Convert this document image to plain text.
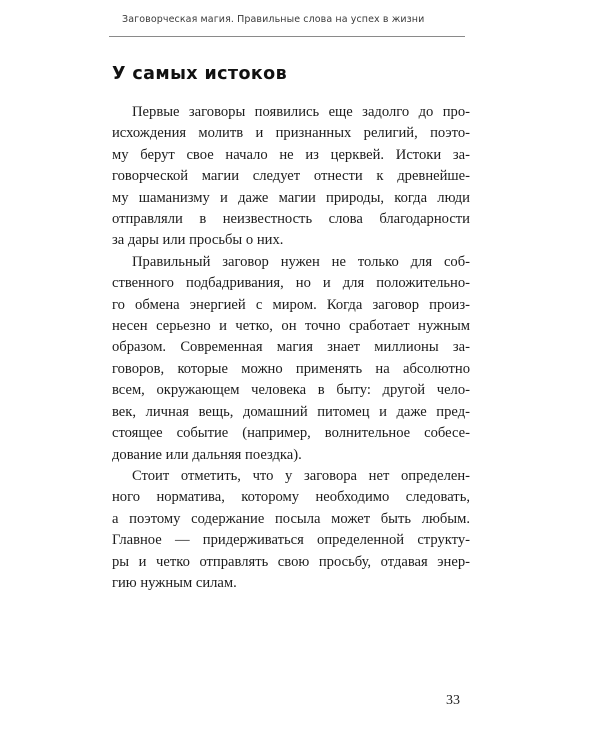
Заговорческая магия. Правильные слова на успех в жизни
У самых истоков

Первые заговоры появились еще задолго до про-
исхождения молитв и признанных религий, поэто-
му берут свое начало не из церквей. Истоки за-
говорческой магии следует отнести к древнейше-
му шаманизму и даже магии природы, когда люди
отправляли в неизвестность слова благодарности
за дары или просьбы о них.

Правильный заговор нужен не только для соб-
ственного подбадривания, но и для положительно-
го обмена энергией с миром. Когда заговор произ-
несен серьезно и четко, он точно сработает нужным
образом. Современная магия знает миллионы за-
говоров, которые можно применять на абсолютно
всем, окружающем человека в быту: другой чело-
век, личная вещь, домашний питомец и даже пред-
стоящее событие (например, волнительное собесе-
дование или дальняя поездка).

Стоит отметить, что у заговора нет определен-
ного норматива, которому необходимо следовать,
а поэтому содержание посыла может быть любым.
Главное — придерживаться определенной структу-
ры и четко отправлять свою просьбу, отдавая энер-
гию нужным силам.

33
